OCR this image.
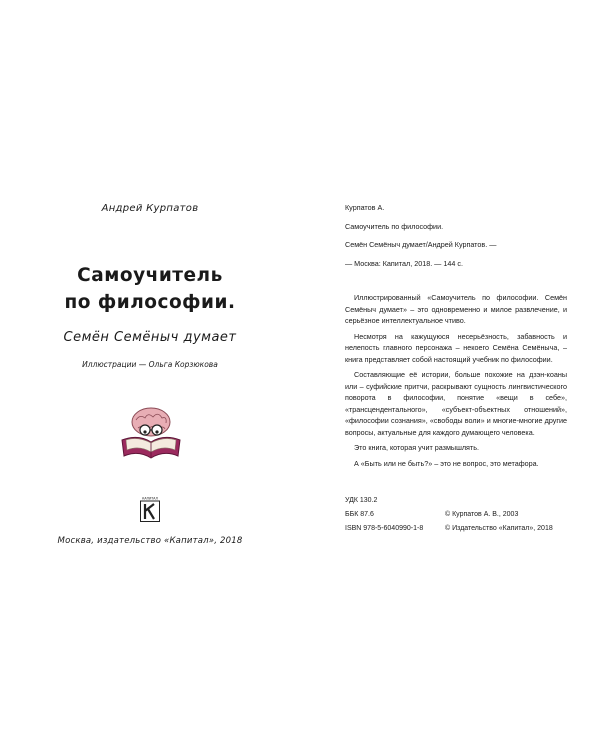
Андрей Курпатов
Самоучитель
по философии.
Семён Семёныч думает
Иллюстрации — Ольга Корзюкова
КАПИТАЛ
Москва, издательство «Капитал», 2018

Курпатов А.

Самоучитель по философии.

Семён Семёныч думает/Андрей Курпатов. —

— Москва: Капитал, 2018. — 144 с.

Иллюстрированный «Самоучитель по философии. Семён Семёныч думает» – это одновременно и милое развлечение, и серьёзное интеллектуальное чтиво.

Несмотря на кажущуюся несерьёзность, забавность и нелепость главного персонажа – некоего Семёна Семёныча, – книга представляет собой настоящий учебник по философии.

Составляющие её истории, больше похожие на дзэн-коаны или – суфийские притчи, раскрывают сущность лингвистического поворота в философии, понятие «вещи в себе», «трансцендентального», «субъект-объектных отношений», «философии сознания», «свободы воли» и многие-многие другие вопросы, актуальные для каждого думающего человека.

Это книга, которая учит размышлять.

А «Быть или не быть?» – это не вопрос, это метафора.

УДК 130.2
ББК 87.6
ISBN 978-5-6040990-1-8
© Курпатов А. В., 2003
© Издательство «Капитал», 2018
